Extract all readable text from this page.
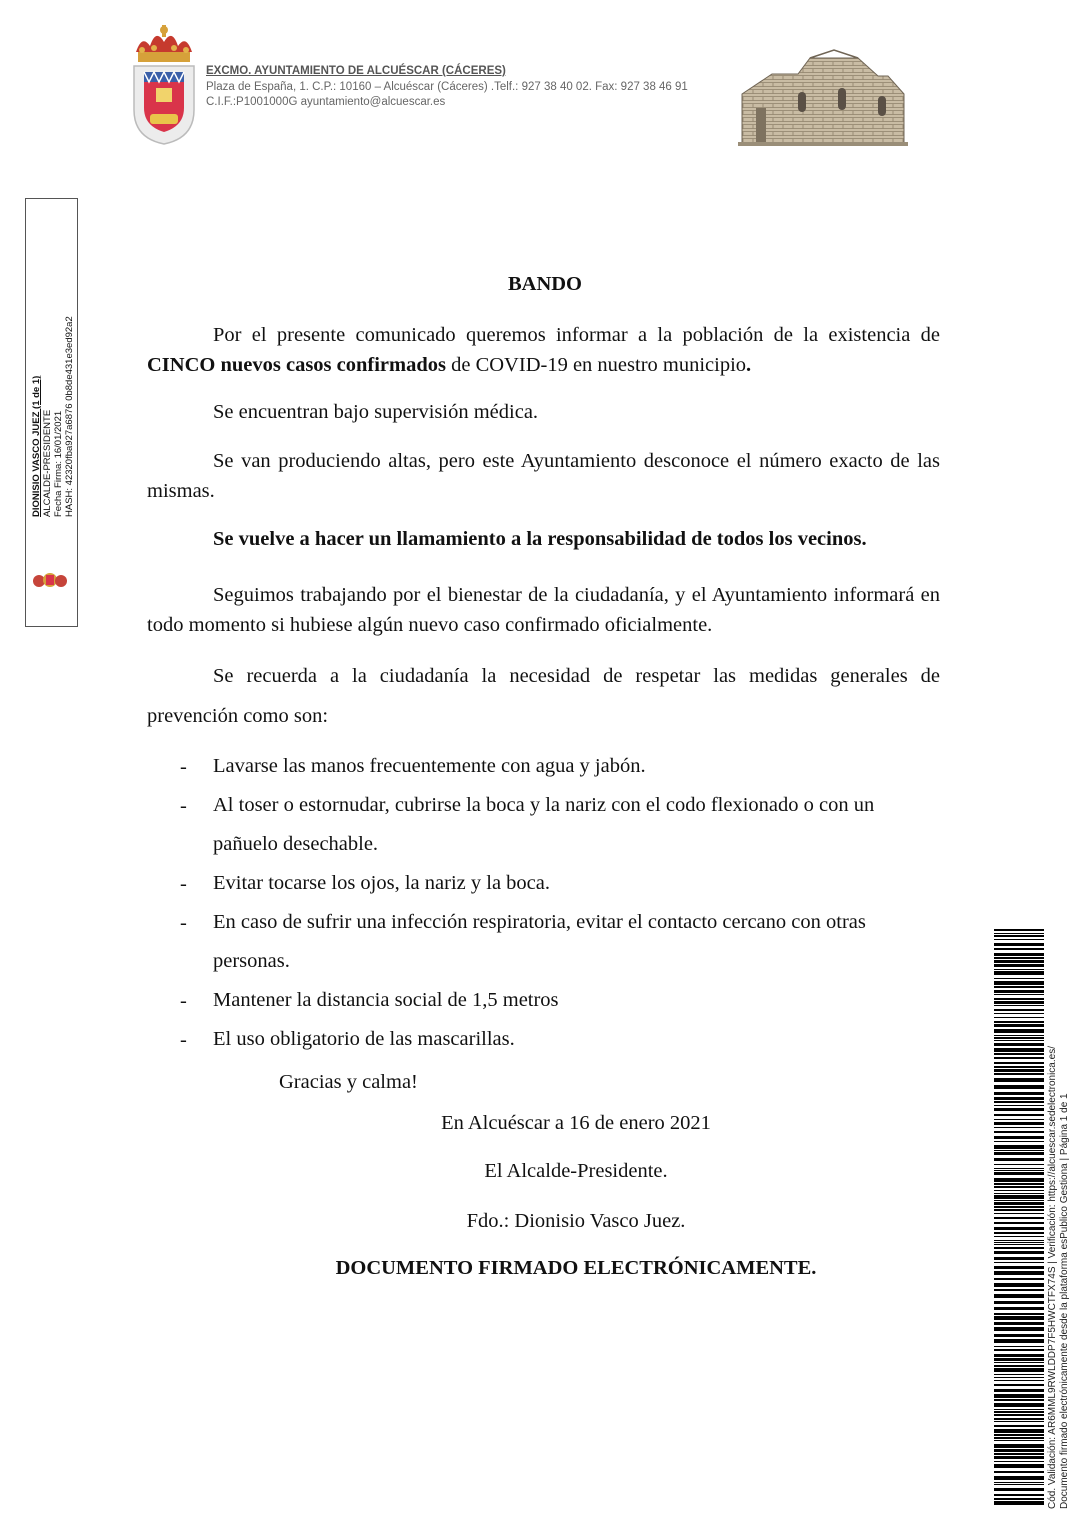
EXCMO. AYUNTAMIENTO DE ALCUÉSCAR (CÁCERES)
Plaza de España, 1. C.P.: 10160 – Alcuéscar (Cáceres) .Telf.: 927 38 40 02. Fax: 927 38 46 91
C.I.F.:P1001000G ayuntamiento@alcuescar.es
DIONISIO VASCO JUEZ (1 de 1) ALCALDE-PRESIDENTE Fecha Firma: 16/01/2021 HASH: 42320fba927a6876 0b8de431e3ed92a2
BANDO
Por el presente comunicado queremos informar a la población de la existencia de CINCO nuevos casos confirmados de COVID-19 en nuestro municipio.
Se encuentran bajo supervisión médica.
Se van produciendo altas, pero este Ayuntamiento desconoce el número exacto de las mismas.
Se vuelve a hacer un llamamiento a la responsabilidad de todos los vecinos.
Seguimos trabajando por el bienestar de la ciudadanía, y el Ayuntamiento informará en todo momento si hubiese algún nuevo caso confirmado oficialmente.
Se recuerda a la ciudadanía la necesidad de respetar las medidas generales de prevención como son:
- Lavarse las manos frecuentemente con agua y jabón.
- Al toser o estornudar, cubrirse la boca y la nariz con el codo flexionado o con un pañuelo desechable.
- Evitar tocarse los ojos, la nariz y la boca.
- En caso de sufrir una infección respiratoria, evitar el contacto cercano con otras personas.
- Mantener la distancia social de 1,5 metros
- El uso obligatorio de las mascarillas.
Gracias y calma!
En Alcuéscar a 16 de enero 2021
El Alcalde-Presidente.
Fdo.: Dionisio Vasco Juez.
DOCUMENTO FIRMADO ELECTRÓNICAMENTE.	Cód. Validación: AR6MML9RWLDDP7F5HWCTFX74S | Verificación: https://alcuescar.sedelectronica.es/ Documento firmado electrónicamente desde la plataforma esPublico Gestiona | Página 1 de 1
